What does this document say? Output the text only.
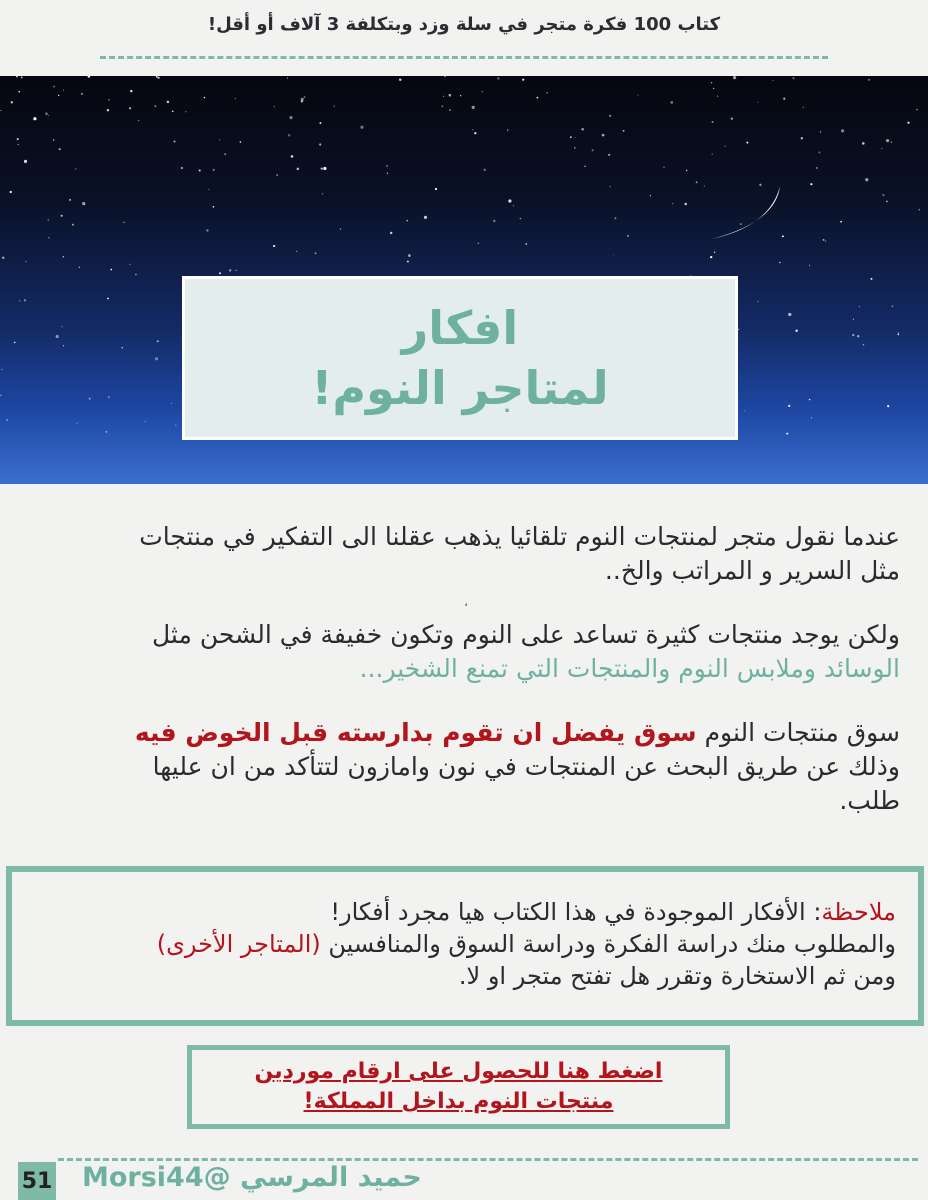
كتاب 100 فكرة متجر في سلة وزد وبتكلفة 3 آلاف أو أقل!
افكار
لمتاجر النوم!
عندما نقول متجر لمنتجات النوم تلقائيا يذهب عقلنا الى التفكير في منتجات
مثل السرير و المراتب والخ..
،
ولكن يوجد منتجات كثيرة تساعد على النوم وتكون خفيفة في الشحن مثل
الوسائد وملابس النوم والمنتجات التي تمنع الشخير...
سوق منتجات النوم سوق يفضل ان تقوم بدارسته قبل الخوض فيه
وذلك عن طريق البحث عن المنتجات في نون وامازون لتتأكد من ان عليها
طلب.
ملاحظة: الأفكار الموجودة في هذا الكتاب هيا مجرد أفكار!
والمطلوب منك دراسة الفكرة ودراسة السوق والمنافسين (المتاجر الأخرى)
ومن ثم الاستخارة وتقرر هل تفتح متجر او لا.
اضغط هنا للحصول على ارقام موردين
منتجات النوم بداخل المملكة!
51 حميد المرسي @Morsi44
